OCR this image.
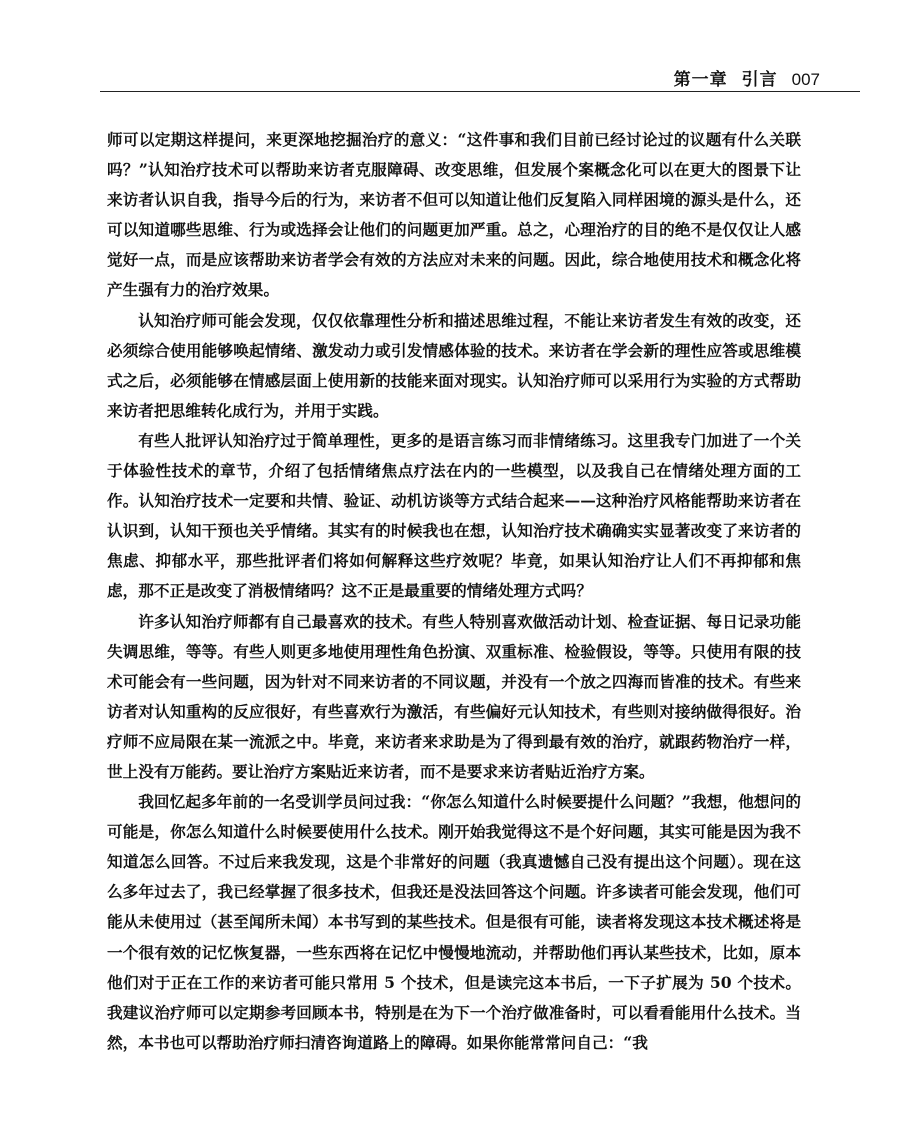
第一章 引言 007

师可以定期这样提问，来更深地挖掘治疗的意义：“这件事和我们目前已经讨论过的议题有什么关联吗？”认知治疗技术可以帮助来访者克服障碍、改变思维，但发展个案概念化可以在更大的图景下让来访者认识自我，指导今后的行为，来访者不但可以知道让他们反复陷入同样困境的源头是什么，还可以知道哪些思维、行为或选择会让他们的问题更加严重。总之，心理治疗的目的绝不是仅仅让人感觉好一点，而是应该帮助来访者学会有效的方法应对未来的问题。因此，综合地使用技术和概念化将产生强有力的治疗效果。

认知治疗师可能会发现，仅仅依靠理性分析和描述思维过程，不能让来访者发生有效的改变，还必须综合使用能够唤起情绪、激发动力或引发情感体验的技术。来访者在学会新的理性应答或思维模式之后，必须能够在情感层面上使用新的技能来面对现实。认知治疗师可以采用行为实验的方式帮助来访者把思维转化成行为，并用于实践。

有些人批评认知治疗过于简单理性，更多的是语言练习而非情绪练习。这里我专门加进了一个关于体验性技术的章节，介绍了包括情绪焦点疗法在内的一些模型，以及我自己在情绪处理方面的工作。认知治疗技术一定要和共情、验证、动机访谈等方式结合起来——这种治疗风格能帮助来访者在认识到，认知干预也关乎情绪。其实有的时候我也在想，认知治疗技术确确实实显著改变了来访者的焦虑、抑郁水平，那些批评者们将如何解释这些疗效呢？毕竟，如果认知治疗让人们不再抑郁和焦虑，那不正是改变了消极情绪吗？这不正是最重要的情绪处理方式吗？

许多认知治疗师都有自己最喜欢的技术。有些人特别喜欢做活动计划、检查证据、每日记录功能失调思维，等等。有些人则更多地使用理性角色扮演、双重标准、检验假设，等等。只使用有限的技术可能会有一些问题，因为针对不同来访者的不同议题，并没有一个放之四海而皆准的技术。有些来访者对认知重构的反应很好，有些喜欢行为激活，有些偏好元认知技术，有些则对接纳做得很好。治疗师不应局限在某一流派之中。毕竟，来访者来求助是为了得到最有效的治疗，就跟药物治疗一样，世上没有万能药。要让治疗方案贴近来访者，而不是要求来访者贴近治疗方案。

我回忆起多年前的一名受训学员问过我：“你怎么知道什么时候要提什么问题？”我想，他想问的可能是，你怎么知道什么时候要使用什么技术。刚开始我觉得这不是个好问题，其实可能是因为我不知道怎么回答。不过后来我发现，这是个非常好的问题（我真遗憾自己没有提出这个问题）。现在这么多年过去了，我已经掌握了很多技术，但我还是没法回答这个问题。许多读者可能会发现，他们可能从未使用过（甚至闻所未闻）本书写到的某些技术。但是很有可能，读者将发现这本技术概述将是一个很有效的记忆恢复器，一些东西将在记忆中慢慢地流动，并帮助他们再认某些技术，比如，原本他们对于正在工作的来访者可能只常用 5 个技术，但是读完这本书后，一下子扩展为 50 个技术。我建议治疗师可以定期参考回顾本书，特别是在为下一个治疗做准备时，可以看看能用什么技术。当然，本书也可以帮助治疗师扫清咨询道路上的障碍。如果你能常常问自己：“我
